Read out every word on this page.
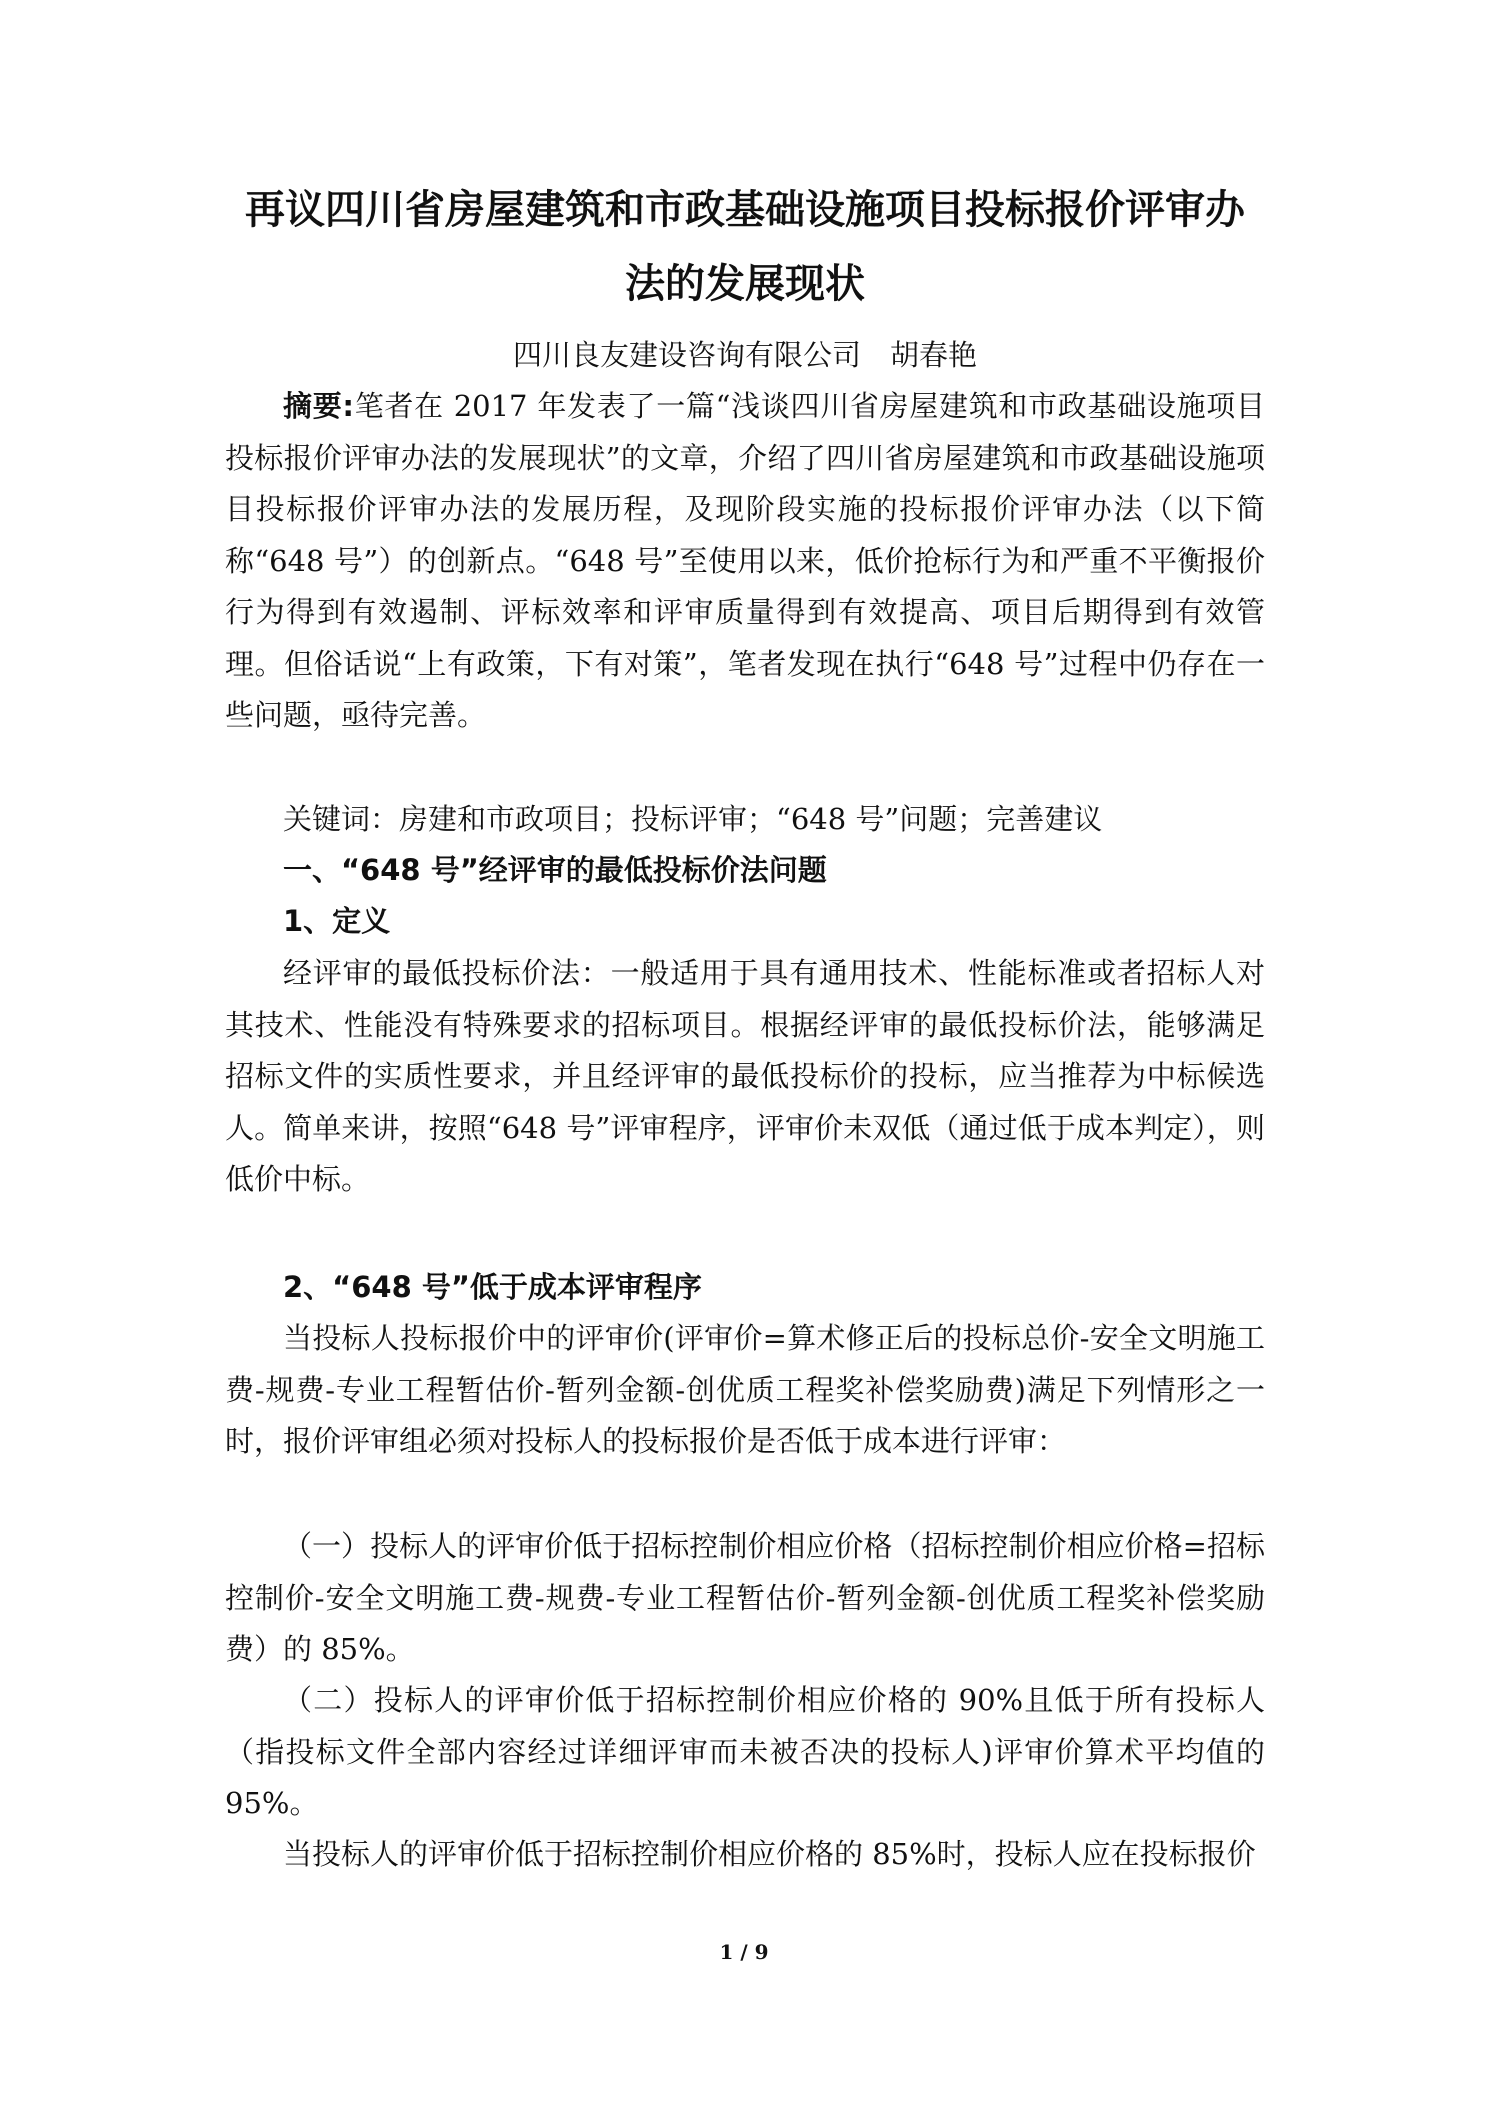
再议四川省房屋建筑和市政基础设施项目投标报价评审办
法的发展现状
四川良友建设咨询有限公司　胡春艳

摘要:笔者在 2017 年发表了一篇“浅谈四川省房屋建筑和市政基础设施项目投标报价评审办法的发展现状”的文章，介绍了四川省房屋建筑和市政基础设施项目投标报价评审办法的发展历程，及现阶段实施的投标报价评审办法（以下简称“648 号”）的创新点。“648 号”至使用以来，低价抢标行为和严重不平衡报价行为得到有效遏制、评标效率和评审质量得到有效提高、项目后期得到有效管理。但俗话说“上有政策，下有对策”，笔者发现在执行“648 号”过程中仍存在一些问题，亟待完善。

关键词：房建和市政项目；投标评审；“648 号”问题；完善建议

一、“648 号”经评审的最低投标价法问题
1、定义

经评审的最低投标价法：一般适用于具有通用技术、性能标准或者招标人对其技术、性能没有特殊要求的招标项目。根据经评审的最低投标价法，能够满足招标文件的实质性要求，并且经评审的最低投标价的投标，应当推荐为中标候选人。简单来讲，按照“648 号”评审程序，评审价未双低（通过低于成本判定），则低价中标。

2、“648 号”低于成本评审程序

当投标人投标报价中的评审价(评审价=算术修正后的投标总价-安全文明施工费-规费-专业工程暂估价-暂列金额-创优质工程奖补偿奖励费)满足下列情形之一时，报价评审组必须对投标人的投标报价是否低于成本进行评审：

（一）投标人的评审价低于招标控制价相应价格（招标控制价相应价格=招标控制价-安全文明施工费-规费-专业工程暂估价-暂列金额-创优质工程奖补偿奖励费）的 85%。

（二）投标人的评审价低于招标控制价相应价格的 90%且低于所有投标人（指投标文件全部内容经过详细评审而未被否决的投标人)评审价算术平均值的 95%。

当投标人的评审价低于招标控制价相应价格的 85%时，投标人应在投标报价

1 / 9
